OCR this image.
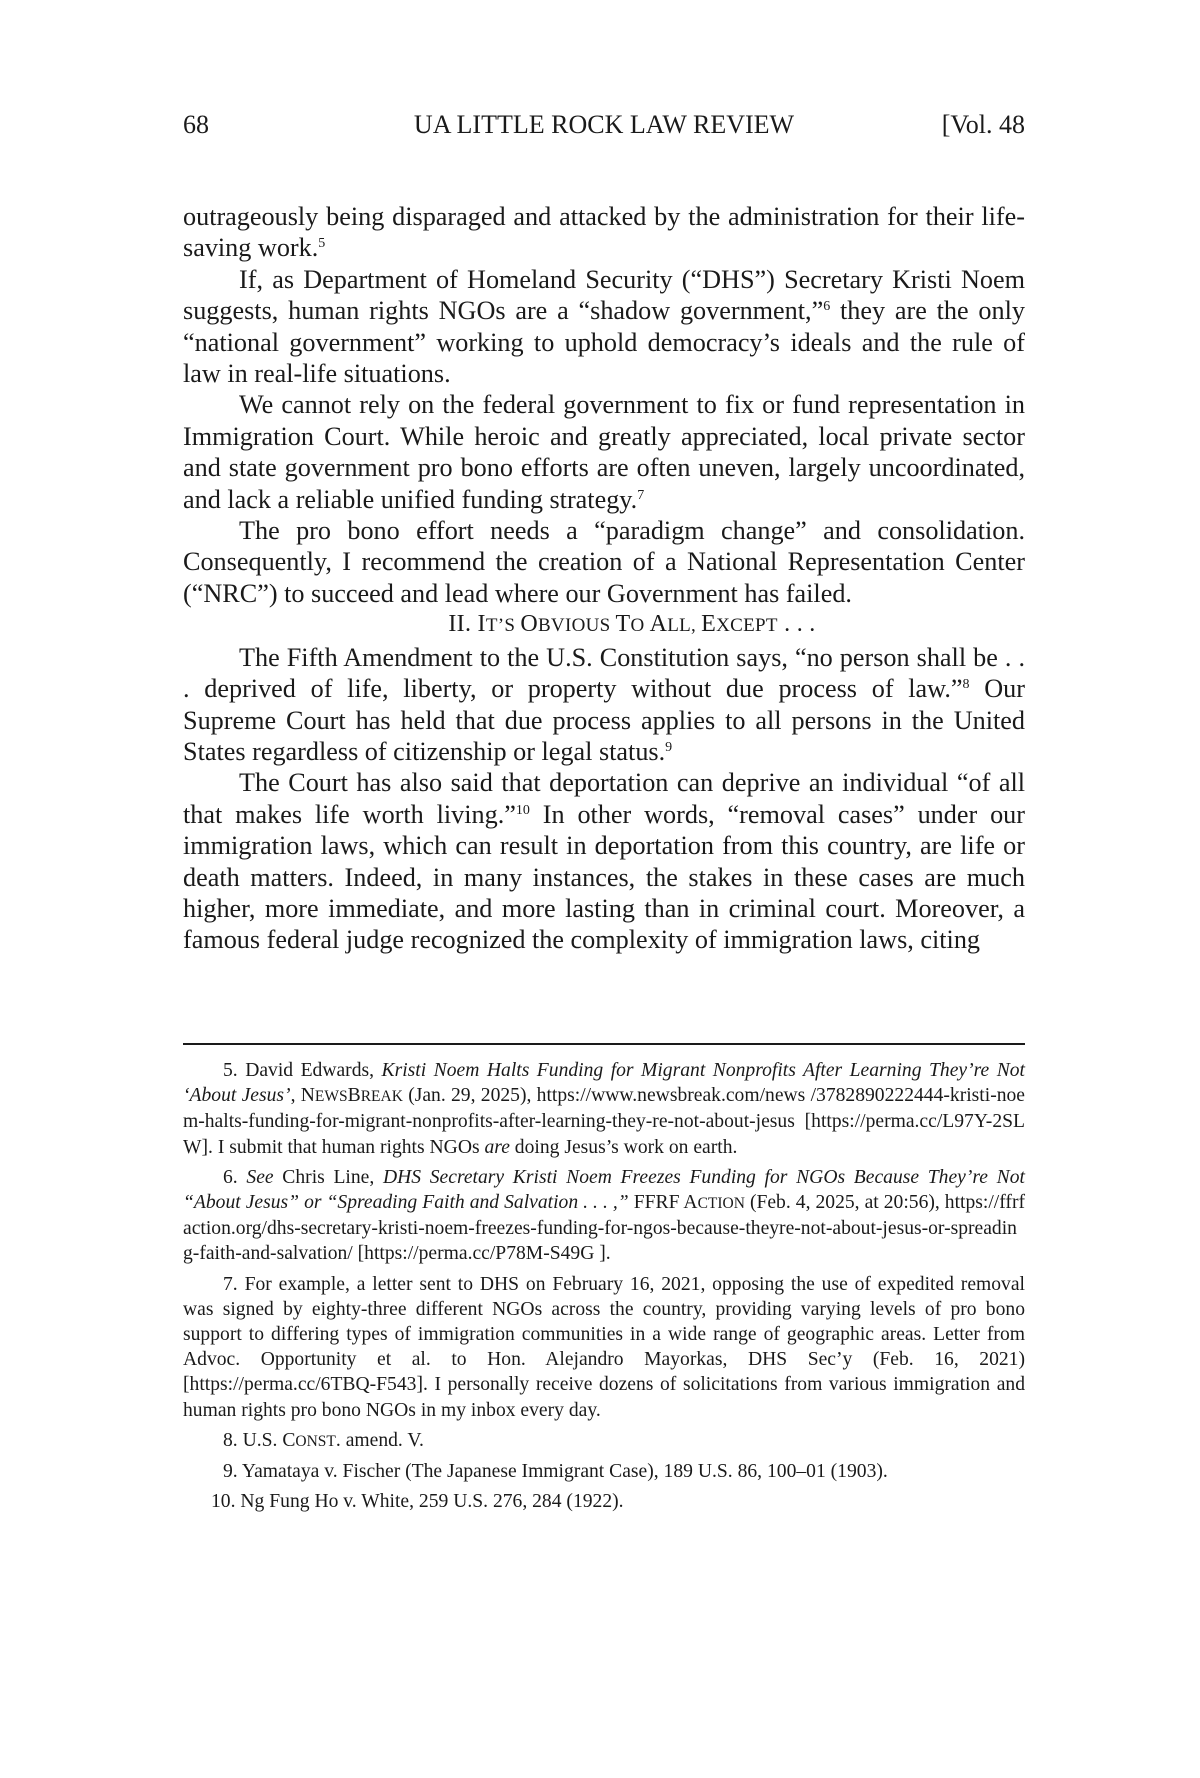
68	UA LITTLE ROCK LAW REVIEW	[Vol. 48

outrageously being disparaged and attacked by the administration for their life-saving work.$^5$

If, as Department of Homeland Security (“DHS”) Secretary Kristi Noem suggests, human rights NGOs are a “shadow government,”$^6$ they are the only “national government” working to uphold democracy’s ideals and the rule of law in real-life situations.

We cannot rely on the federal government to fix or fund representation in Immigration Court. While heroic and greatly appreciated, local private sector and state government pro bono efforts are often uneven, largely uncoordinated, and lack a reliable unified funding strategy.$^7$

The pro bono effort needs a “paradigm change” and consolidation. Consequently, I recommend the creation of a National Representation Center (“NRC”) to succeed and lead where our Government has failed.

II. IT’S OBVIOUS TO ALL, EXCEPT . . .

The Fifth Amendment to the U.S. Constitution says, “no person shall be . . . deprived of life, liberty, or property without due process of law.”$^8$ Our Supreme Court has held that due process applies to all persons in the United States regardless of citizenship or legal status.$^9$

The Court has also said that deportation can deprive an individual “of all that makes life worth living.”$^{10}$ In other words, “removal cases” under our immigration laws, which can result in deportation from this country, are life or death matters. Indeed, in many instances, the stakes in these cases are much higher, more immediate, and more lasting than in criminal court. Moreover, a famous federal judge recognized the complexity of immigration laws, citing

5. David Edwards, Kristi Noem Halts Funding for Migrant Nonprofits After Learning They’re Not ‘About Jesus’, NEWSBREAK (Jan. 29, 2025), https://www.newsbreak.com/news /3782890222444-kristi-noem-halts-funding-for-migrant-nonprofits-after-learning-they-re-not-about-jesus [https://perma.cc/L97Y-2SLW]. I submit that human rights NGOs are doing Jesus’s work on earth.

6. See Chris Line, DHS Secretary Kristi Noem Freezes Funding for NGOs Because They’re Not “About Jesus” or “Spreading Faith and Salvation . . . ,” FFRF ACTION (Feb. 4, 2025, at 20:56), https://ffrfaction.org/dhs-secretary-kristi-noem-freezes-funding-for-ngos-because-theyre-not-about-jesus-or-spreading-faith-and-salvation/ [https://perma.cc/P78M-S49G ].

7. For example, a letter sent to DHS on February 16, 2021, opposing the use of expedited removal was signed by eighty-three different NGOs across the country, providing varying levels of pro bono support to differing types of immigration communities in a wide range of geographic areas. Letter from Advoc. Opportunity et al. to Hon. Alejandro Mayorkas, DHS Sec’y (Feb. 16, 2021) [https://perma.cc/6TBQ-F543]. I personally receive dozens of solicitations from various immigration and human rights pro bono NGOs in my inbox every day.

8. U.S. CONST. amend. V.

9. Yamataya v. Fischer (The Japanese Immigrant Case), 189 U.S. 86, 100–01 (1903).

10. Ng Fung Ho v. White, 259 U.S. 276, 284 (1922).
